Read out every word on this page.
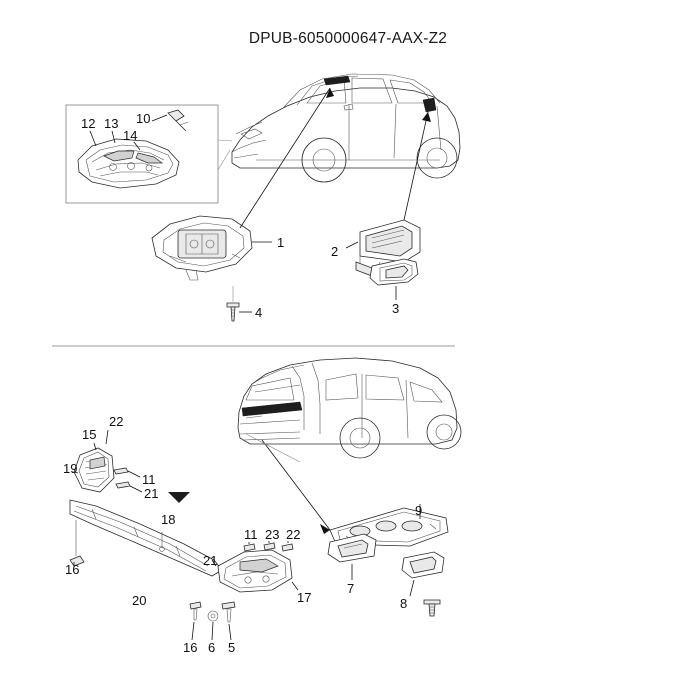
DPUB-6050000647-AAX-Z2
1
2
3
4
5
6
7
8
9
10
11
11
12 13
14
15
16
16
17
18
19
20
21
21
22
22
23
